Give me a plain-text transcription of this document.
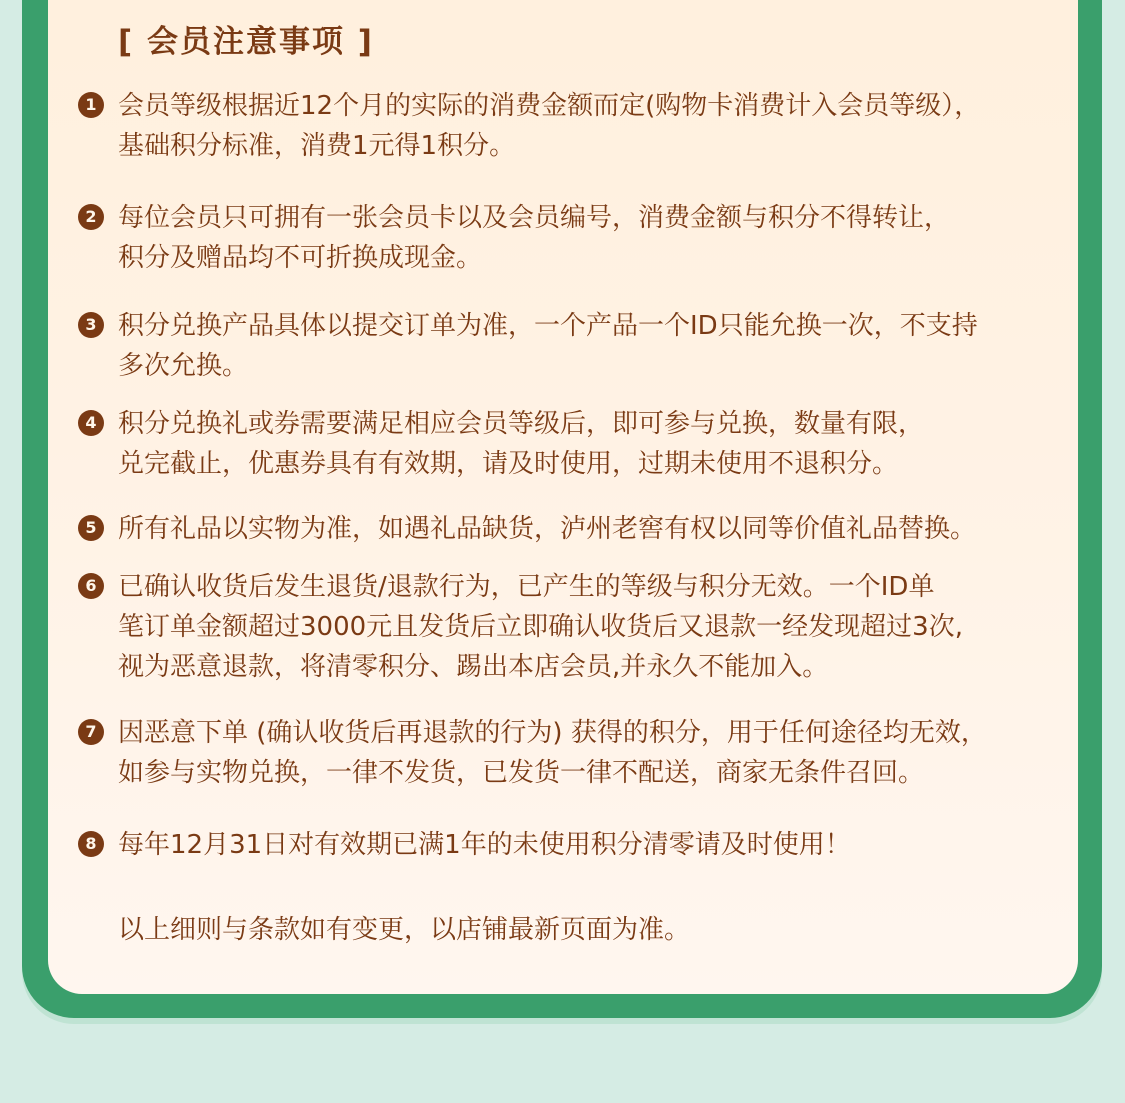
[ 会员注意事项 ]
1 会员等级根据近12个月的实际的消费金额而定(购物卡消费计入会员等级），
基础积分标准，消费1元得1积分。
2 每位会员只可拥有一张会员卡以及会员编号，消费金额与积分不得转让，
积分及赠品均不可折换成现金。
3 积分兑换产品具体以提交订单为准，一个产品一个ID只能允换一次，不支持
多次允换。
4 积分兑换礼或券需要满足相应会员等级后，即可参与兑换，数量有限，
兑完截止，优惠券具有有效期，请及时使用，过期未使用不退积分。
5 所有礼品以实物为准，如遇礼品缺货，泸州老窖有权以同等价值礼品替换。
6 已确认收货后发生退货/退款行为，已产生的等级与积分无效。一个ID单
笔订单金额超过3000元且发货后立即确认收货后又退款一经发现超过3次,
视为恶意退款，将清零积分、踢出本店会员,并永久不能加入。
7 因恶意下单 (确认收货后再退款的行为) 获得的积分，用于任何途径均无效，
如参与实物兑换，一律不发货，已发货一律不配送，商家无条件召回。
8 每年12月31日对有效期已满1年的未使用积分清零请及时使用！
以上细则与条款如有变更，以店铺最新页面为准。
